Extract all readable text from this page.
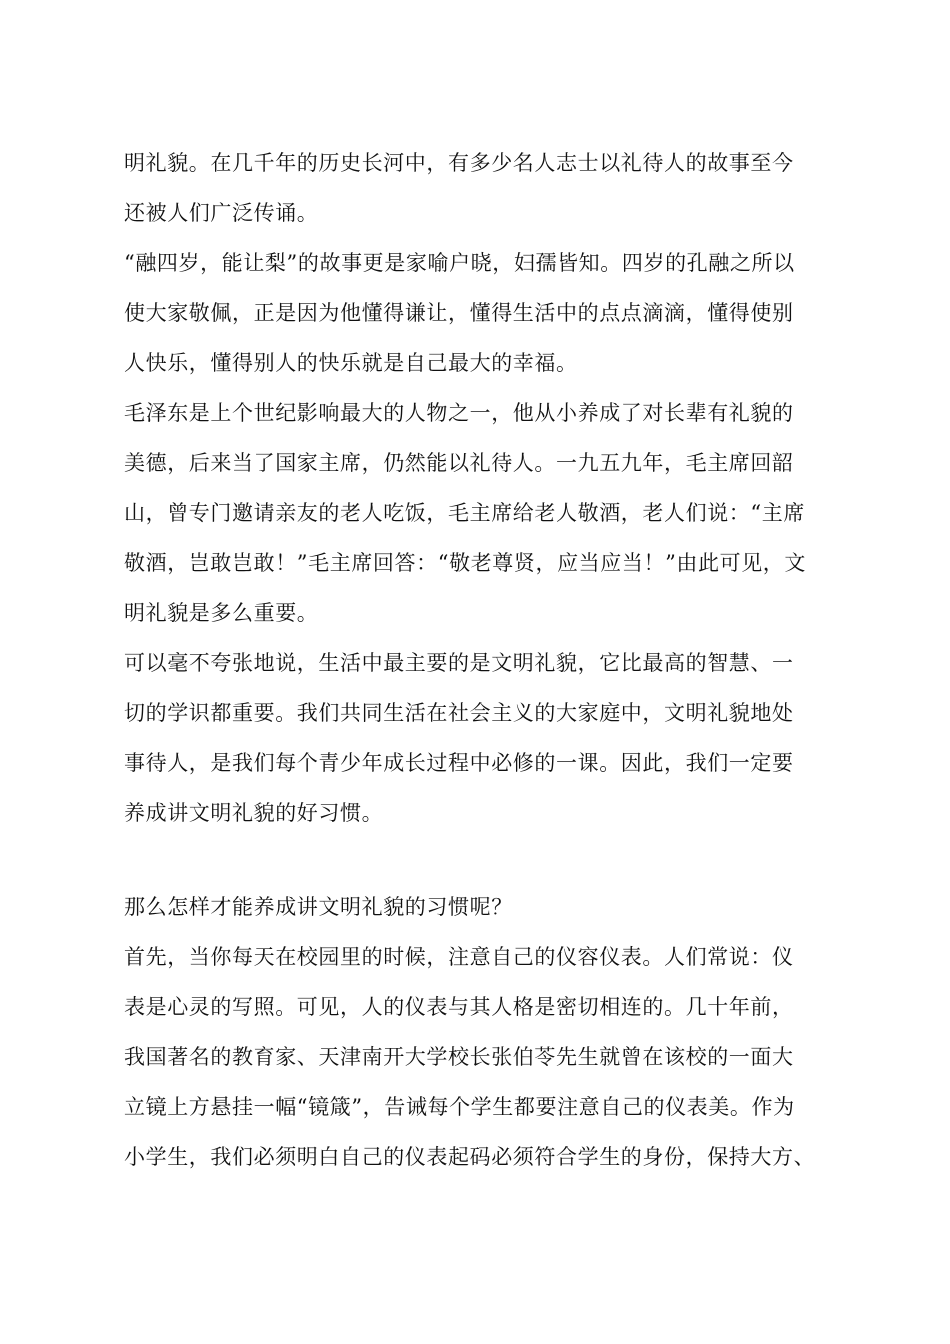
明礼貌。在几千年的历史长河中，有多少名人志士以礼待人的故事至今
还被人们广泛传诵。
“融四岁，能让梨”的故事更是家喻户晓，妇孺皆知。四岁的孔融之所以
使大家敬佩，正是因为他懂得谦让，懂得生活中的点点滴滴，懂得使别
人快乐，懂得别人的快乐就是自己最大的幸福。
毛泽东是上个世纪影响最大的人物之一，他从小养成了对长辈有礼貌的
美德，后来当了国家主席，仍然能以礼待人。一九五九年，毛主席回韶
山，曾专门邀请亲友的老人吃饭，毛主席给老人敬酒，老人们说：“主席
敬酒，岂敢岂敢！”毛主席回答：“敬老尊贤，应当应当！”由此可见，文
明礼貌是多么重要。
可以毫不夸张地说，生活中最主要的是文明礼貌，它比最高的智慧、一
切的学识都重要。我们共同生活在社会主义的大家庭中，文明礼貌地处
事待人，是我们每个青少年成长过程中必修的一课。因此，我们一定要
养成讲文明礼貌的好习惯。
那么怎样才能养成讲文明礼貌的习惯呢？
首先，当你每天在校园里的时候，注意自己的仪容仪表。人们常说：仪
表是心灵的写照。可见，人的仪表与其人格是密切相连的。几十年前，
我国著名的教育家、天津南开大学校长张伯苓先生就曾在该校的一面大
立镜上方悬挂一幅“镜箴”，告诫每个学生都要注意自己的仪表美。作为
小学生，我们必须明白自己的仪表起码必须符合学生的身份，保持大方、
